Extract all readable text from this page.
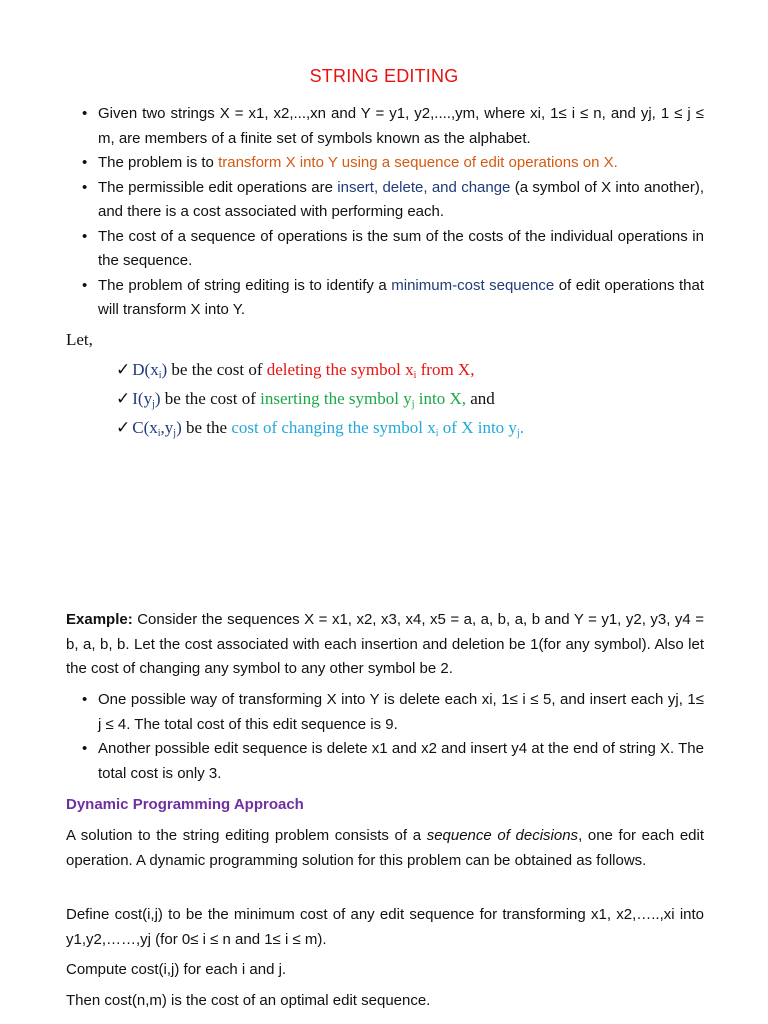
STRING EDITING
• Given two strings X = x1, x2,...,xn and Y = y1, y2,....,ym, where xi, 1≤ i ≤ n, and yj, 1 ≤ j ≤ m, are members of a finite set of symbols known as the alphabet.
• The problem is to transform X into Y using a sequence of edit operations on X.
• The permissible edit operations are insert, delete, and change (a symbol of X into another), and there is a cost associated with performing each.
• The cost of a sequence of operations is the sum of the costs of the individual operations in the sequence.
• The problem of string editing is to identify a minimum-cost sequence of edit operations that will transform X into Y.
Let,
✓ $D(x_i)$ be the cost of deleting the symbol $x_i$ from X,
✓ $I(y_j)$ be the cost of inserting the symbol $y_j$ into X, and
✓ $C(x_i,y_j)$ be the cost of changing the symbol $x_i$ of X into $y_j$.

Example: Consider the sequences X = x1, x2, x3, x4, x5 = a, a, b, a, b and Y = y1, y2, y3, y4 = b, a, b, b. Let the cost associated with each insertion and deletion be 1(for any symbol). Also let the cost of changing any symbol to any other symbol be 2.

• One possible way of transforming X into Y is delete each xi, 1≤ i ≤ 5, and insert each yj, 1≤ j ≤ 4. The total cost of this edit sequence is 9.
• Another possible edit sequence is delete x1 and x2 and insert y4 at the end of string X. The total cost is only 3.
Dynamic Programming Approach

A solution to the string editing problem consists of a sequence of decisions, one for each edit operation. A dynamic programming solution for this problem can be obtained as follows.

Define cost(i,j) to be the minimum cost of any edit sequence for transforming x1, x2,…..,xi into y1,y2,……,yj (for 0≤ i ≤ n and 1≤ i ≤ m).

Compute cost(i,j) for each i and j.

Then cost(n,m) is the cost of an optimal edit sequence.
